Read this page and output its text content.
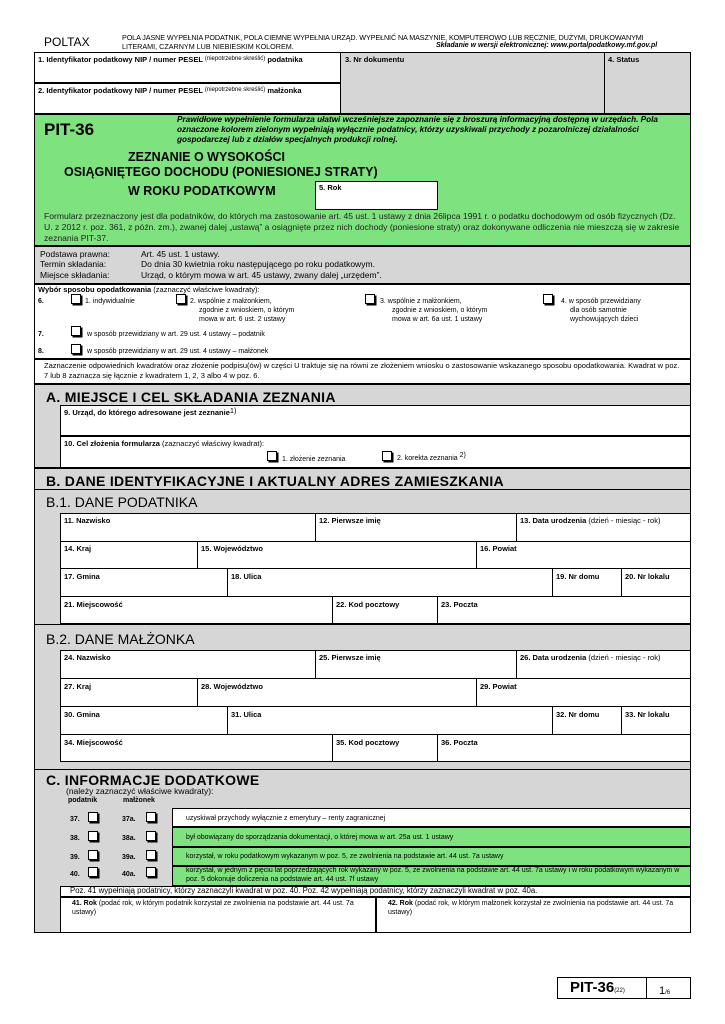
POLTAX	POLA JASNE WYPEŁNIA PODATNIK, POLA CIEMNE WYPEŁNIA URZĄD. WYPEŁNIĆ NA MASZYNIE, KOMPUTEROWO LUB RĘCZNIE, DUŻYMI, DRUKOWANYMI
LITERAMI, CZARNYM LUB NIEBIESKIM KOLOREM.	Składanie w wersji elektronicznej: www.portalpodatkowy.mf.gov.pl
1. Identyfikator podatkowy NIP / numer PESEL $^{(niepotrzebne skreślić)}$ podatnika
2. Identyfikator podatkowy NIP / numer PESEL $^{(niepotrzebne skreślić)}$ małżonka
3. Nr dokumentu	4. Status
PIT-36
Prawidłowe wypełnienie formularza ułatwi wcześniejsze zapoznanie się z broszurą informacyjną dostępną w urzędach. Pola oznaczone kolorem zielonym wypełniają wyłącznie podatnicy, którzy uzyskiwali przychody z pozarolniczej działalności gospodarczej lub z działów specjalnych produkcji rolnej.
ZEZNANIE O WYSOKOŚCI
OSIĄGNIĘTEGO DOCHODU (PONIESIONEJ STRATY)
W ROKU PODATKOWYM	5. Rok
Formularz przeznaczony jest dla podatników, do których ma zastosowanie art. 45 ust. 1 ustawy z dnia 26lipca 1991 r. o podatku dochodowym od osób fizycznych (Dz. U. z 2012 r. poz. 361, z późn. zm.), zwanej dalej „ustawą” a osiągnięte przez nich dochody (poniesione straty) oraz dokonywane odliczenia nie mieszczą się w zakresie zeznania PIT-37.
Podstawa prawna:	Art. 45 ust. 1 ustawy.
Termin składania:	Do dnia 30 kwietnia roku następującego po roku podatkowym.
Miejsce składania:	Urząd, o którym mowa w art. 45 ustawy, zwany dalej „urzędem”.
Wybór sposobu opodatkowania (zaznaczyć właściwe kwadraty):
6.	1. indywidualnie	2. wspólnie z małżonkiem,
zgodnie z wnioskiem, o którym
mowa w art. 6 ust. 2 ustawy
3. wspólnie z małżonkiem,
zgodnie z wnioskiem, o którym
mowa w art. 6a ust. 1 ustawy
4. w sposób przewidziany
dla osób samotnie
wychowujących dzieci
7.	w sposób przewidziany w art. 29 ust. 4 ustawy – podatnik
8.	w sposób przewidziany w art. 29 ust. 4 ustawy – małżonek
Zaznaczenie odpowiednich kwadratów oraz złożenie podpisu(ów) w części U traktuje się na równi ze złożeniem wniosku o zastosowanie wskazanego sposobu opodatkowania. Kwadrat w poz. 7 lub 8 zaznacza się łącznie z kwadratem 1, 2, 3 albo 4 w poz. 6.
A. MIEJSCE I CEL SKŁADANIA ZEZNANIA
9. Urząd, do którego adresowane jest zeznanie1)
10. Cel złożenia formularza (zaznaczyć właściwy kwadrat):
1. złożenie zeznania	2. korekta zeznania 2)
B. DANE IDENTYFIKACYJNE I AKTUALNY ADRES ZAMIESZKANIA
B.1. DANE PODATNIKA
11. Nazwisko	12. Pierwsze imię	13. Data urodzenia (dzień - miesiąc - rok)
14. Kraj	15. Województwo	16. Powiat
17. Gmina	18. Ulica	19. Nr domu	20. Nr lokalu
21. Miejscowość	22. Kod pocztowy	23. Poczta
B.2. DANE MAŁŻONKA
24. Nazwisko	25. Pierwsze imię	26. Data urodzenia (dzień - miesiąc - rok)
27. Kraj	28. Województwo	29. Powiat
30. Gmina	31. Ulica	32. Nr domu	33. Nr lokalu
34. Miejscowość	35. Kod pocztowy	36. Poczta
C. INFORMACJE DODATKOWE
(należy zaznaczyć właściwe kwadraty):
podatnik	małżonek
37.	37a.	uzyskiwał przychody wyłącznie z emerytury – renty zagranicznej
38.	38a.	był obowiązany do sporządzania dokumentacji, o której mowa w art. 25a ust. 1 ustawy
39.	39a.	korzystał, w roku podatkowym wykazanym w poz. 5, ze zwolnienia na podstawie art. 44 ust. 7a ustawy
40.	40a.
korzystał, w jednym z pięciu lat poprzedzających rok wykazany w poz. 5, ze zwolnienia na podstawie art. 44 ust. 7a ustawy i w roku podatkowym wykazanym w poz. 5 dokonuje doliczenia na podstawie art. 44 ust. 7f ustawy
Poz. 41 wypełniają podatnicy, którzy zaznaczyli kwadrat w poz. 40. Poz. 42 wypełniają podatnicy, którzy zaznaczyli kwadrat w poz. 40a.
41. Rok (podać rok, w którym podatnik korzystał ze zwolnienia na podstawie art. 44 ust. 7a ustawy)
42. Rok (podać rok, w którym małżonek korzystał ze zwolnienia na podstawie art. 44 ust. 7a ustawy)
PIT-36(22)	1/6
